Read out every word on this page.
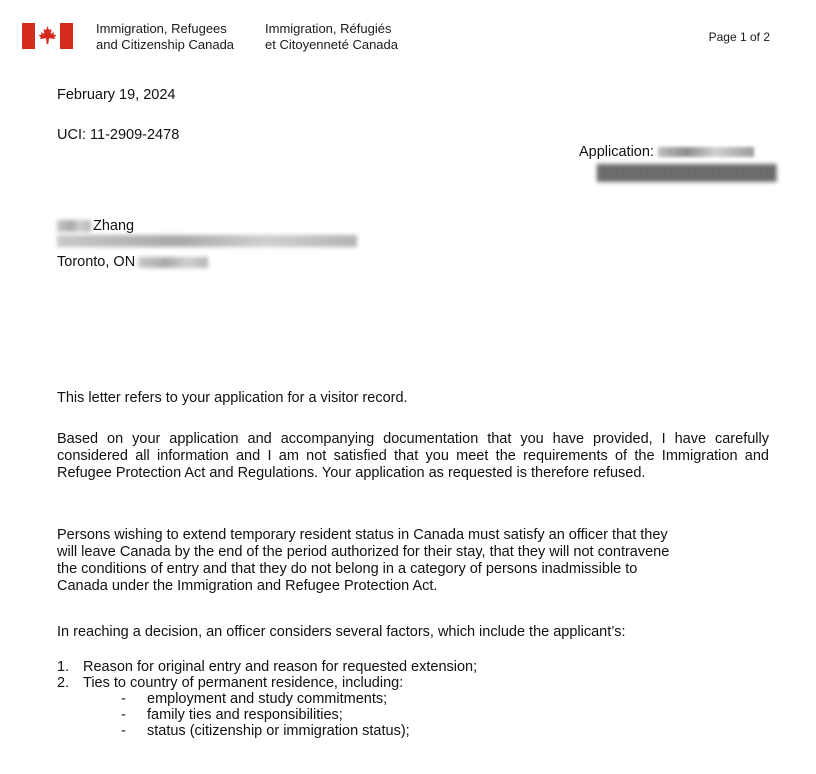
Immigration, Refugees
and Citizenship Canada
Immigration, Réfugiés
et Citoyenneté Canada	Page 1 of 2
February 19, 2024
UCI: 11-2909-2478
Application:
Zhang
Toronto, ON

This letter refers to your application for a visitor record.

Based on your application and accompanying documentation that you have provided, I have carefully considered all information and I am not satisfied that you meet the requirements of the Immigration and Refugee Protection Act and Regulations. Your application as requested is therefore refused.

Persons wishing to extend temporary resident status in Canada must satisfy an officer that they
will leave Canada by the end of the period authorized for their stay, that they will not contravene
the conditions of entry and that they do not belong in a category of persons inadmissible to
Canada under the Immigration and Refugee Protection Act.

In reaching a decision, an officer considers several factors, which include the applicant’s:

1. Reason for original entry and reason for requested extension;
2. Ties to country of permanent residence, including:
- employment and study commitments;
- family ties and responsibilities;
- status (citizenship or immigration status);
